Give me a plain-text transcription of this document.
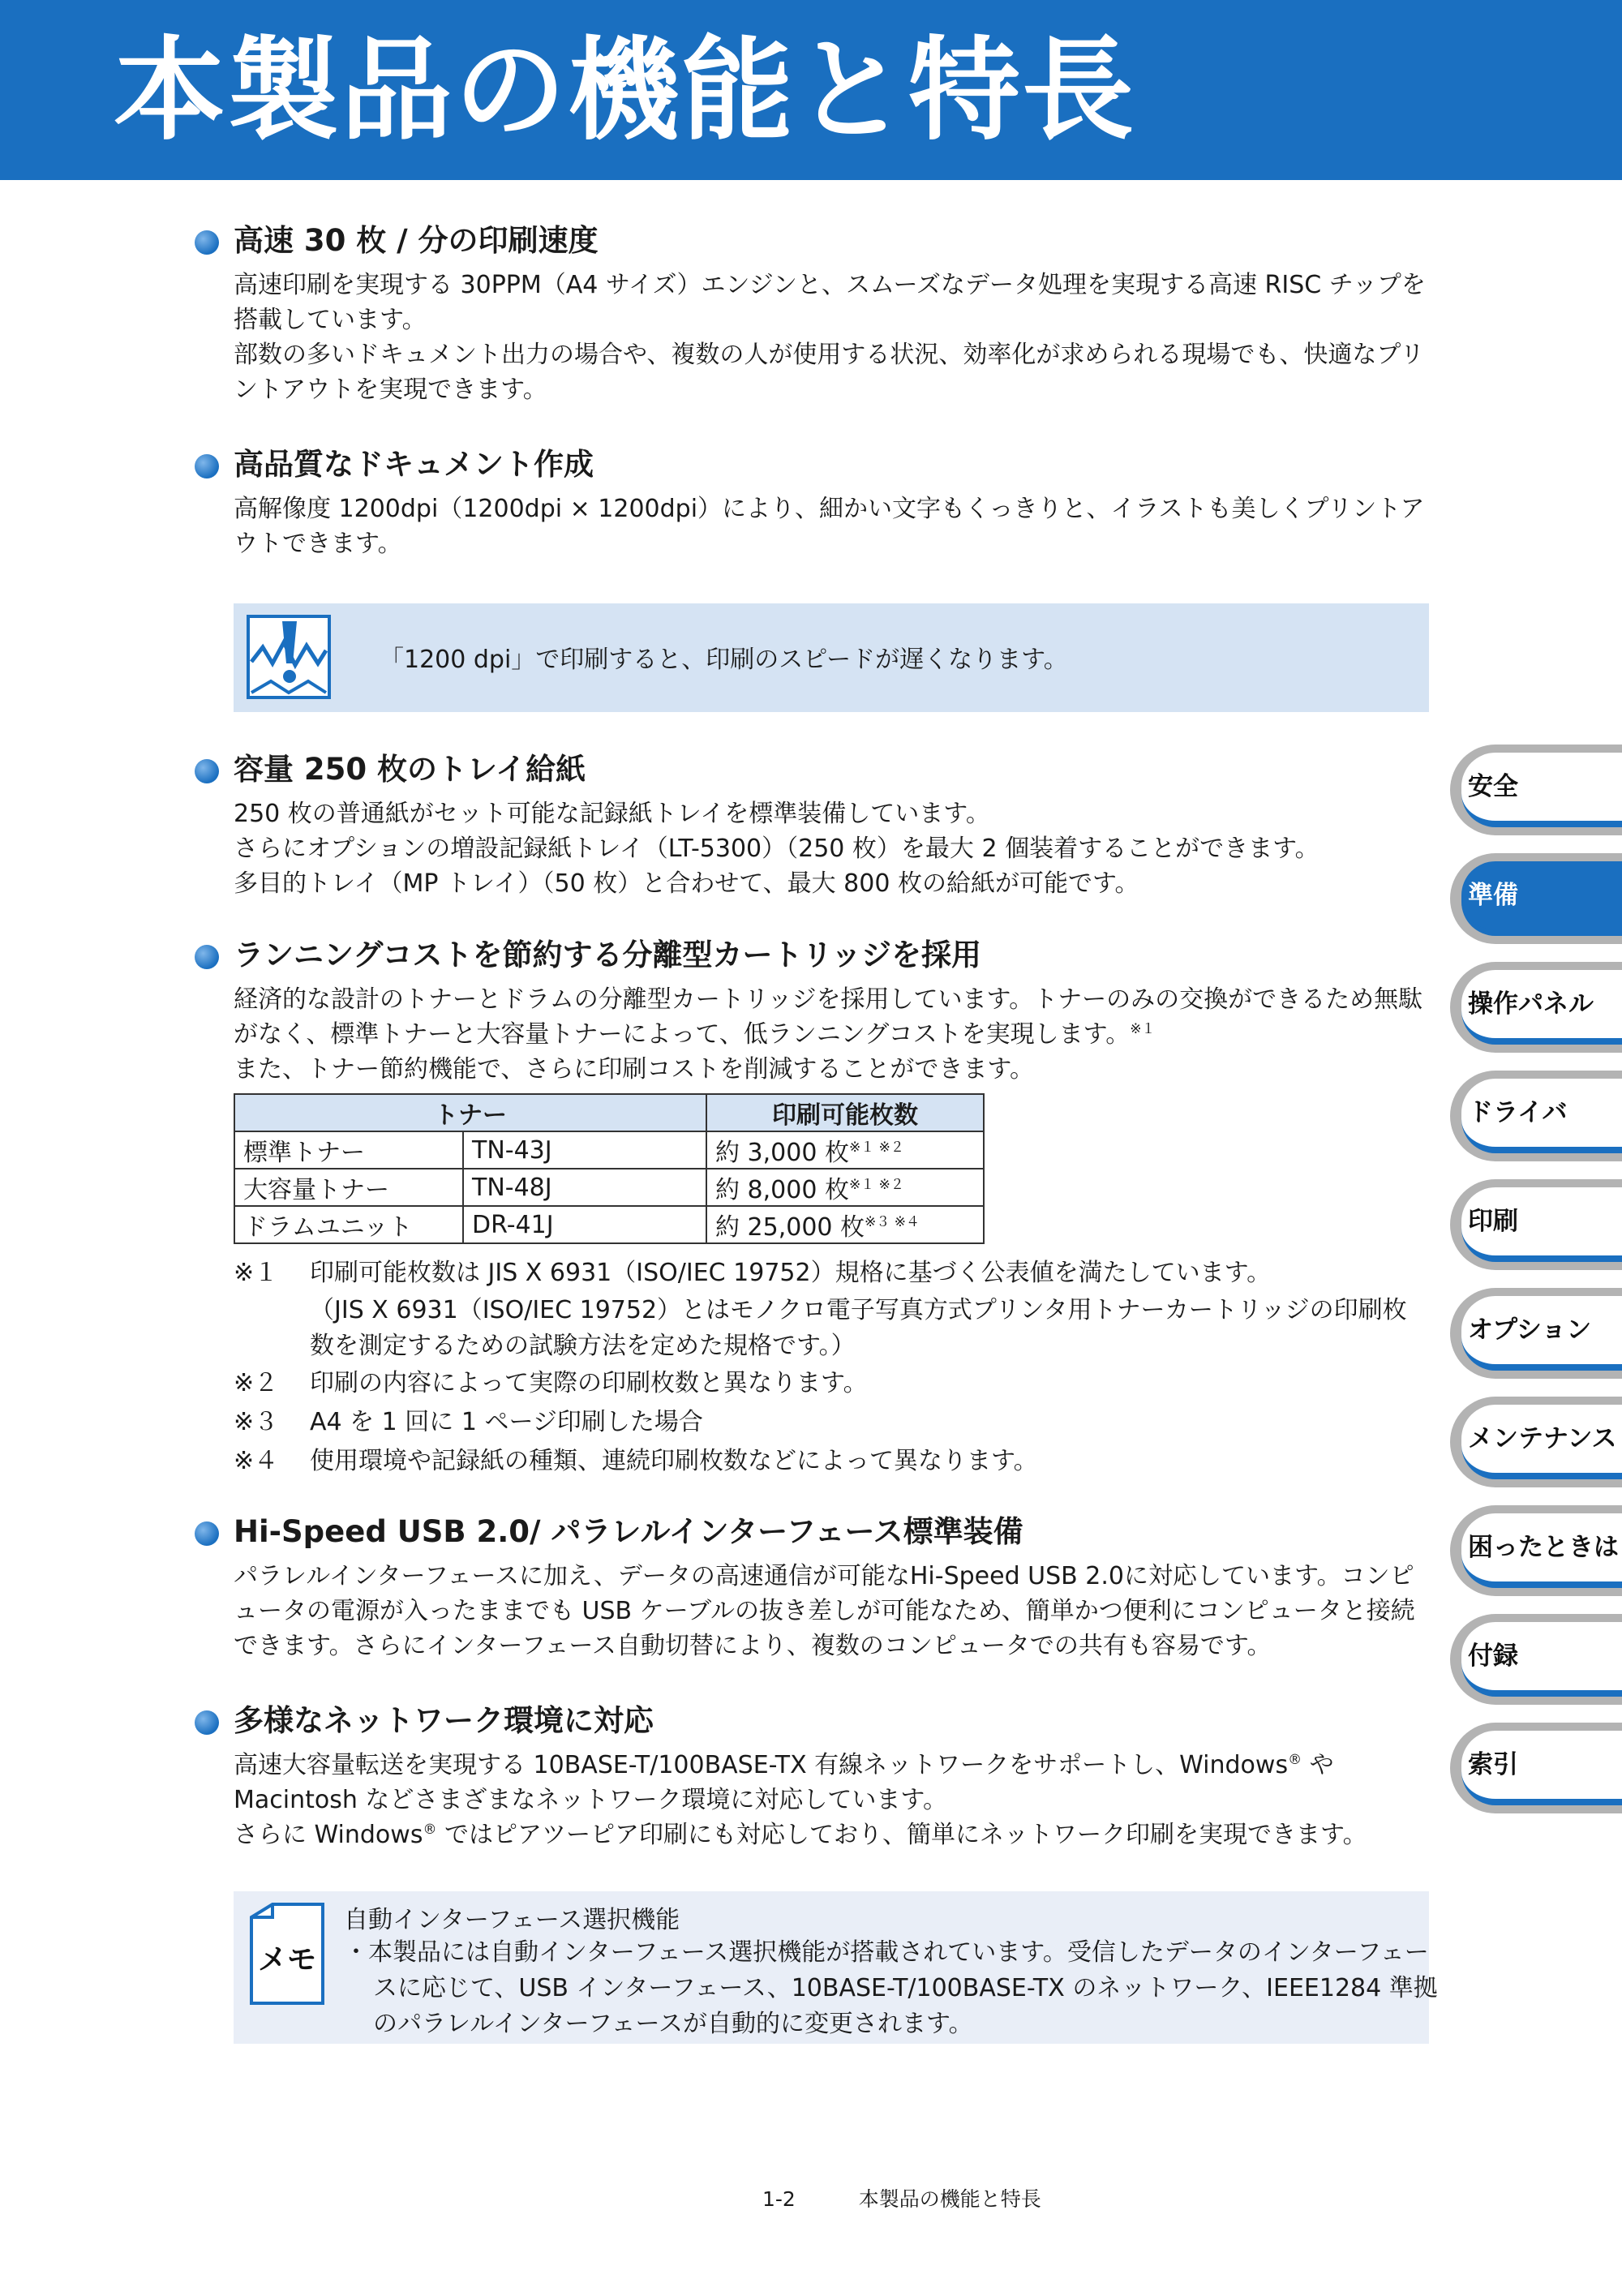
本製品の機能と特長
高速 30 枚 / 分の印刷速度

高速印刷を実現する 30PPM（A4 サイズ）エンジンと、スムーズなデータ処理を実現する高速 RISC チップを搭載しています。

部数の多いドキュメント出力の場合や、複数の人が使用する状況、効率化が求められる現場でも、快適なプリントアウトを実現できます。

高品質なドキュメント作成

高解像度 1200dpi（1200dpi × 1200dpi）により、細かい文字もくっきりと、イラストも美しくプリントアウトできます。

「1200 dpi」で印刷すると、印刷のスピードが遅くなります。
容量 250 枚のトレイ給紙

250 枚の普通紙がセット可能な記録紙トレイを標準装備しています。

さらにオプションの増設記録紙トレイ（LT-5300）（250 枚）を最大 2 個装着することができます。

多目的トレイ（MP トレイ）（50 枚）と合わせて、最大 800 枚の給紙が可能です。

ランニングコストを節約する分離型カートリッジを採用

経済的な設計のトナーとドラムの分離型カートリッジを採用しています。トナーのみの交換ができるため無駄がなく、標準トナーと大容量トナーによって、低ランニングコストを実現します。$^{※1}$

また、トナー節約機能で、さらに印刷コストを削減することができます。

トナー		印刷可能枚数
標準トナー	TN-43J	約 3,000 枚$^{※1 ※2}$
大容量トナー	TN-48J	約 8,000 枚$^{※1 ※2}$
ドラムユニット	DR-41J	約 25,000 枚$^{※3 ※4}$
※１	印刷可能枚数は JIS X 6931（ISO/IEC 19752）規格に基づく公表値を満たしています。
（JIS X 6931（ISO/IEC 19752）とはモノクロ電子写真方式プリンタ用トナーカートリッジの印刷枚数を測定するための試験方法を定めた規格です。）
※２	印刷の内容によって実際の印刷枚数と異なります。
※３	A4 を 1 回に 1 ページ印刷した場合
※４	使用環境や記録紙の種類、連続印刷枚数などによって異なります。
Hi-Speed USB 2.0/ パラレルインターフェース標準装備

パラレルインターフェースに加え、データの高速通信が可能なHi-Speed USB 2.0に対応しています。コンピュータの電源が入ったままでも USB ケーブルの抜き差しが可能なため、簡単かつ便利にコンピュータと接続できます。さらにインターフェース自動切替により、複数のコンピュータでの共有も容易です。

多様なネットワーク環境に対応

高速大容量転送を実現する 10BASE-T/100BASE-TX 有線ネットワークをサポートし、Windows® や Macintosh などさまざまなネットワーク環境に対応しています。

さらに Windows® ではピアツーピア印刷にも対応しており、簡単にネットワーク印刷を実現できます。

メモ
自動インターフェース選択機能
・本製品には自動インターフェース選択機能が搭載されています。受信したデータのインターフェースに応じて、USB インターフェース、10BASE-T/100BASE-TX のネットワーク、IEEE1284 準拠のパラレルインターフェースが自動的に変更されます。
1-2	本製品の機能と特長
安全
準備
操作パネル
ドライバ
印刷
オプション
メンテナンス
困ったときは
付録
索引
